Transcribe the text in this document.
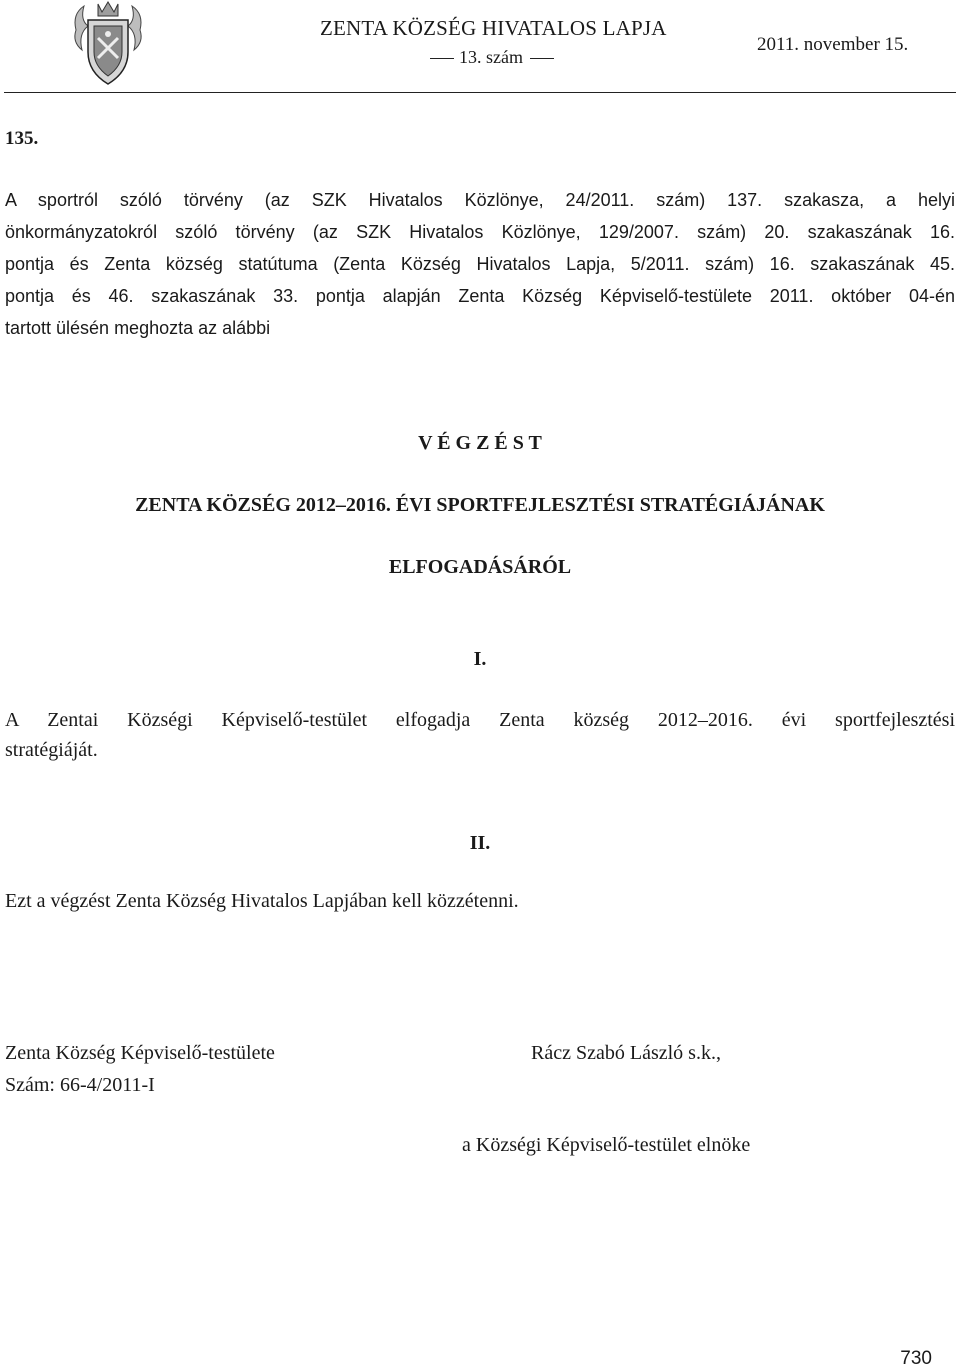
ZENTA KÖZSÉG HIVATALOS LAPJA
13. szám
2011. november 15.
135.
A sportról szóló törvény (az SZK Hivatalos Közlönye, 24/2011. szám) 137. szakasza, a helyi
önkormányzatokról szóló törvény (az SZK Hivatalos Közlönye, 129/2007. szám) 20. szakaszának 16.
pontja és Zenta község statútuma (Zenta Község Hivatalos Lapja, 5/2011. szám) 16. szakaszának 45.
pontja és 46. szakaszának 33. pontja alapján Zenta Község Képviselő-testülete 2011. október 04-én
tartott ülésén meghozta az alábbi
V É G Z É S T
ZENTA KÖZSÉG 2012–2016. ÉVI SPORTFEJLESZTÉSI STRATÉGIÁJÁNAK
ELFOGADÁSÁRÓL
I.
A Zentai Községi Képviselő-testület elfogadja Zenta község 2012–2016. évi sportfejlesztési
stratégiáját.
II.
Ezt a végzést Zenta Község Hivatalos Lapjában kell közzétenni.
Zenta Község Képviselő-testülete
Szám: 66-4/2011-I
Rácz Szabó László s.k.,
a Községi Képviselő-testület elnöke
730
